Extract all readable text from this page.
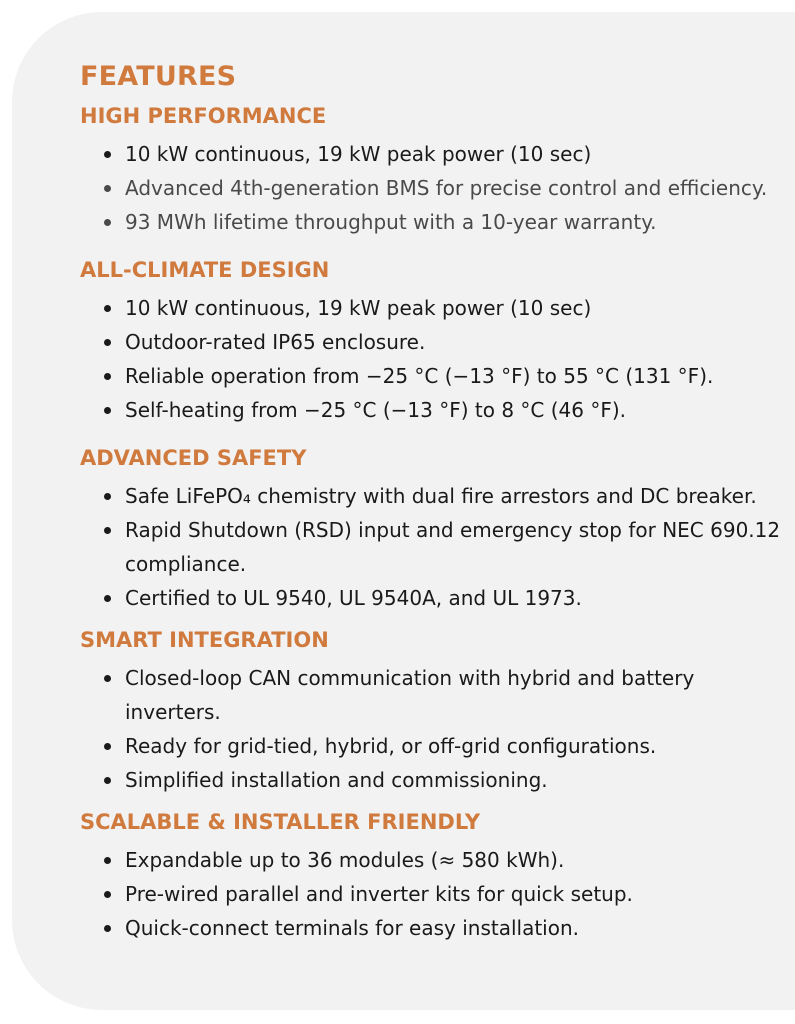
FEATURES
HIGH PERFORMANCE
10 kW continuous, 19 kW peak power (10 sec)
Advanced 4th-generation BMS for precise control and efficiency.
93 MWh lifetime throughput with a 10-year warranty.
ALL-CLIMATE DESIGN
10 kW continuous, 19 kW peak power (10 sec)
Outdoor-rated IP65 enclosure.
Reliable operation from −25 °C (−13 °F) to 55 °C (131 °F).
Self-heating from −25 °C (−13 °F) to 8 °C (46 °F).
ADVANCED SAFETY
Safe LiFePO₄ chemistry with dual fire arrestors and DC breaker.
Rapid Shutdown (RSD) input and emergency stop for NEC 690.12 compliance.
Certified to UL 9540, UL 9540A, and UL 1973.
SMART INTEGRATION
Closed-loop CAN communication with hybrid and battery inverters.
Ready for grid-tied, hybrid, or off-grid configurations.
Simplified installation and commissioning.
SCALABLE & INSTALLER FRIENDLY
Expandable up to 36 modules (≈ 580 kWh).
Pre-wired parallel and inverter kits for quick setup.
Quick-connect terminals for easy installation.
